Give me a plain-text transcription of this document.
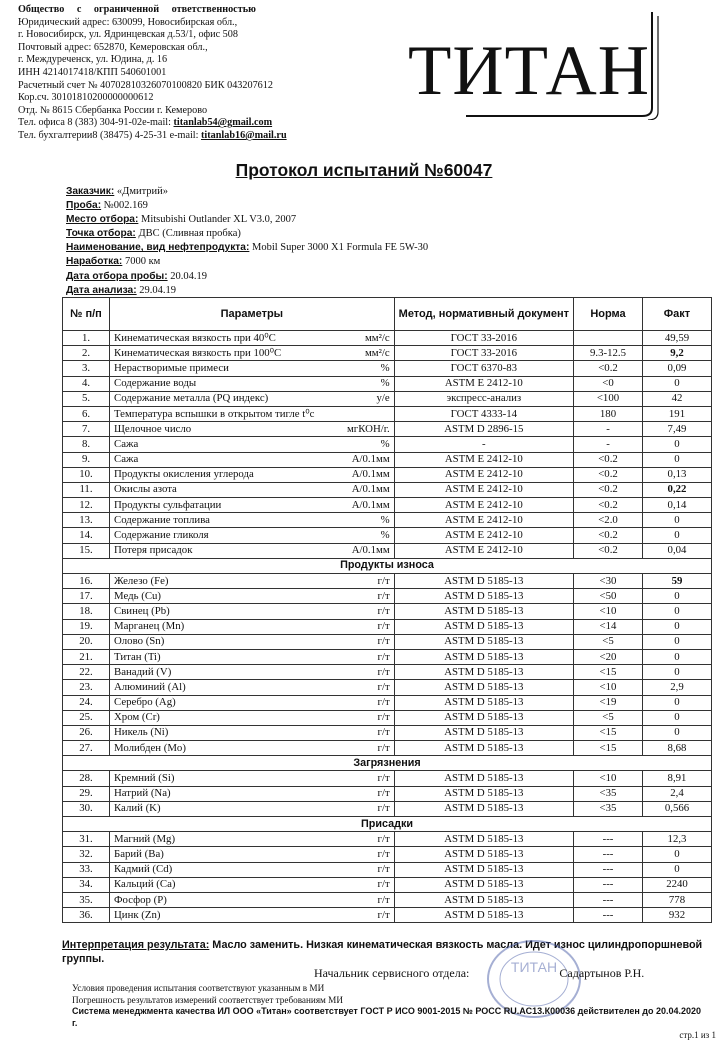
Общество с ограниченной ответственностью
Юридический адрес: 630099, Новосибирская обл.,
г. Новосибирск, ул. Ядринцевская д.53/1, офис 508
Почтовый адрес: 652870, Кемеровская обл.,
г. Междуреченск, ул. Юдина, д. 16
ИНН 4214017418/КПП 540601001
Расчетный счет № 40702810326070100820 БИК 043207612
Кор.сч. 30101810200000000612
Отд. № 8615 Сбербанка России г. Кемерово
Тел. офиса 8 (383) 304-91-02e-mail: titanlab54@gmail.com
Тел. бухгалтерии8 (38475) 4-25-31 e-mail: titanlab16@mail.ru
ТИТАН
Протокол испытаний №60047
Заказчик: «Дмитрий»
Проба: №002.169
Место отбора: Mitsubishi Outlander XL V3.0, 2007
Точка отбора: ДВС (Сливная пробка)
Наименование, вид нефтепродукта: Mobil Super 3000 X1 Formula FE 5W-30
Наработка: 7000 км
Дата отбора пробы: 20.04.19
Дата анализа: 29.04.19
№ п/п	Параметры	Метод, нормативный документ	Норма	Факт
1.	Кинематическая вязкость при 40⁰С мм²/с	ГОСТ 33-2016		49,59
2.	Кинематическая вязкость при 100⁰С мм²/с	ГОСТ 33-2016	9.3-12.5	9,2
3.	Нерастворимые примеси %	ГОСТ 6370-83	<0.2	0,09
4.	Содержание воды %	ASTM E 2412-10	<0	0
5.	Содержание металла (PQ индекс) у/е	экспресс-анализ	<100	42
6.	Температура вспышки в открытом тигле t⁰с	ГОСТ 4333-14	180	191
7.	Щелочное число мгКОН/г.	ASTM D 2896-15	-	7,49
8.	Сажа %	-	-	0
9.	Сажа А/0.1мм	ASTM E 2412-10	<0.2	0
10.	Продукты окисления углерода А/0.1мм	ASTM E 2412-10	<0.2	0,13
11.	Окислы азота А/0.1мм	ASTM E 2412-10	<0.2	0,22
12.	Продукты сульфатации А/0.1мм	ASTM E 2412-10	<0.2	0,14
13.	Содержание топлива %	ASTM E 2412-10	<2.0	0
14.	Содержание гликоля %	ASTM E 2412-10	<0.2	0
15.	Потеря присадок А/0.1мм	ASTM E 2412-10	<0.2	0,04
Продукты износа				
16.	Железо (Fe) г/т	ASTM D 5185-13	<30	59
17.	Медь (Cu) г/т	ASTM D 5185-13	<50	0
18.	Свинец (Pb) г/т	ASTM D 5185-13	<10	0
19.	Марганец (Mn) г/т	ASTM D 5185-13	<14	0
20.	Олово (Sn) г/т	ASTM D 5185-13	<5	0
21.	Титан (Ti) г/т	ASTM D 5185-13	<20	0
22.	Ванадий (V) г/т	ASTM D 5185-13	<15	0
23.	Алюминий (Al) г/т	ASTM D 5185-13	<10	2,9
24.	Серебро (Ag) г/т	ASTM D 5185-13	<19	0
25.	Хром (Cr) г/т	ASTM D 5185-13	<5	0
26.	Никель (Ni) г/т	ASTM D 5185-13	<15	0
27.	Молибден (Mo) г/т	ASTM D 5185-13	<15	8,68
Загрязнения				
28.	Кремний (Si) г/т	ASTM D 5185-13	<10	8,91
29.	Натрий (Na) г/т	ASTM D 5185-13	<35	2,4
30.	Калий (K) г/т	ASTM D 5185-13	<35	0,566
Присадки				
31.	Магний (Mg) г/т	ASTM D 5185-13	---	12,3
32.	Барий (Ba) г/т	ASTM D 5185-13	---	0
33.	Кадмий (Cd) г/т	ASTM D 5185-13	---	0
34.	Кальций (Ca) г/т	ASTM D 5185-13	---	2240
35.	Фосфор (P) г/т	ASTM D 5185-13	---	778
36.	Цинк (Zn) г/т	ASTM D 5185-13	---	932
Интерпретация результата: Масло заменить. Низкая кинематическая вязкость масла. Идет износ цилиндропоршневой группы.	ТИТАН
Начальник сервисного отдела:	Садартынов Р.Н.
Условия проведения испытания соответствуют указанным в МИ
Погрешность результатов измерений соответствует требованиям МИ
Система менеджмента качества ИЛ ООО «Титан» соответствует ГОСТ Р ИСО 9001-2015 № РОСС RU.АС13.К00036 действителен до 20.04.2020 г.
стр.1 из 1
